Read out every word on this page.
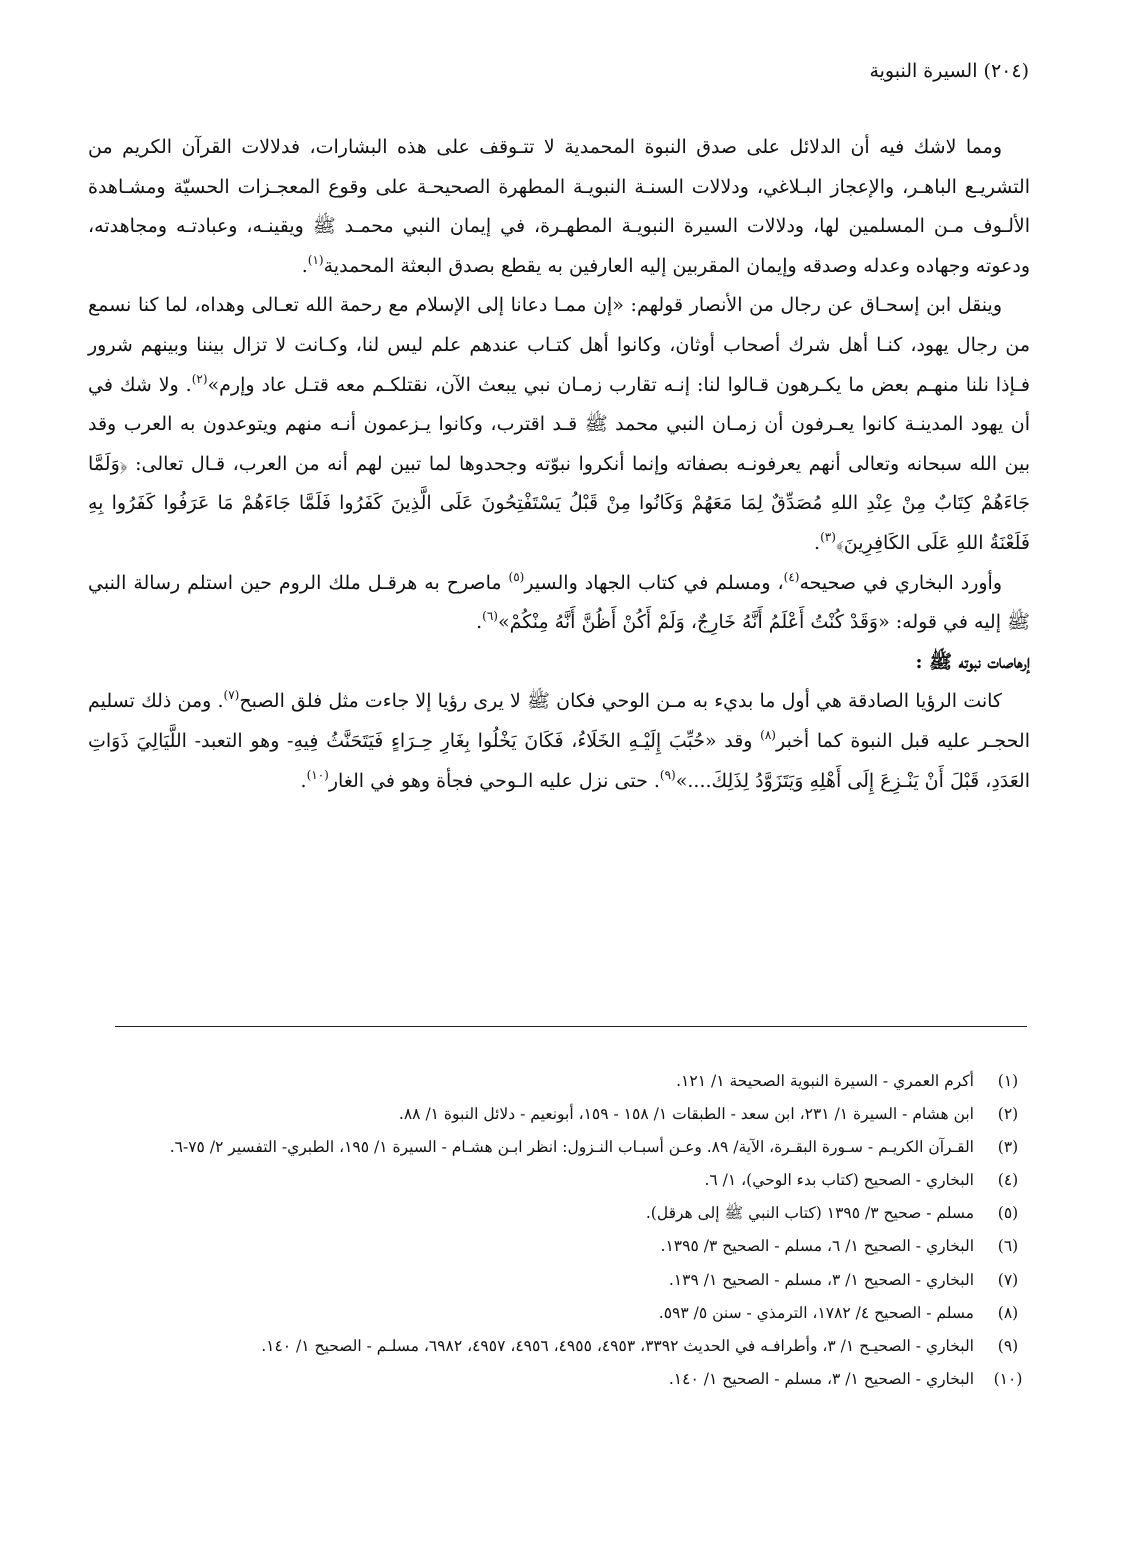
(٢٠٤) السيرة النبوية

ومما لاشك فيه أن الدلائل على صدق النبوة المحمدية لا تتـوقف على هذه البشارات، فدلالات القرآن الكريم من التشريـع الباهـر، والإعجاز البـلاغي، ودلالات السنـة النبويـة المطهرة الصحيحـة على وقوع المعجـزات الحسيّة ومشـاهدة الألـوف مـن المسلمين لها، ودلالات السيرة النبويـة المطهـرة، في إيمان النبي محمـد ﷺ ويقينـه، وعبادتـه ومجاهدته، ودعوته وجهاده وعدله وصدقه وإيمان المقربين إليه العارفين به يقطع بصدق البعثة المحمدية$^{(١)}$.

وينقل ابن إسحـاق عن رجال من الأنصار قولهم: «إن ممـا دعانا إلى الإسلام مع رحمة الله تعـالى وهداه، لما كنا نسمع من رجال يهود، كنـا أهل شرك أصحاب أوثان، وكانوا أهل كتـاب عندهم علم ليس لنا، وكـانت لا تزال بيننا وبينهم شرور فـإذا نلنا منهـم بعض ما يكـرهون قـالوا لنا: إنـه تقارب زمـان نبي يبعث الآن، نقتلكـم معه قتـل عاد وإرم»$^{(٢)}$. ولا شك في أن يهود المدينـة كانوا يعـرفون أن زمـان النبي محمد ﷺ قـد اقترب، وكانوا يـزعمون أنـه منهم ويتوعدون به العرب وقد بين الله سبحانه وتعالى أنهم يعرفونـه بصفاته وإنما أنكروا نبوّته وجحدوها لما تبين لهم أنه من العرب، قـال تعالى: ﴿وَلَمَّا جَاءَهُمْ كِتَابٌ مِنْ عِنْدِ اللهِ مُصَدِّقٌ لِمَا مَعَهُمْ وَكَانُوا مِنْ قَبْلُ يَسْتَفْتِحُونَ عَلَى الَّذِينَ كَفَرُوا فَلَمَّا جَاءَهُمْ مَا عَرَفُوا كَفَرُوا بِهِ فَلَعْنَةُ اللهِ عَلَى الكَافِرِينَ﴾$^{(٣)}$.

وأورد البخاري في صحيحه$^{(٤)}$، ومسلم في كتاب الجهاد والسير$^{(٥)}$ ماصرح به هرقـل ملك الروم حين استلم رسالة النبي ﷺ إليه في قوله: «وَقَدْ كُنْتُ أَعْلَمُ أَنَّهُ خَارِجٌ، وَلَمْ أَكُنْ أَظُنَّ أَنَّهُ مِنْكُمْ»$^{(٦)}$.

إرهاصات نبوته ﷺ :

كانت الرؤيا الصادقة هي أول ما بديء به مـن الوحي فكان ﷺ لا يرى رؤيا إلا جاءت مثل فلق الصبح$^{(٧)}$. ومن ذلك تسليم الحجـر عليه قبل النبوة كما أخبر$^{(٨)}$ وقد «حُبِّبَ إِلَيْـهِ الخَلَاءُ، فَكَانَ يَخْلُوا بِغَارِ حِـرَاءٍ فَيَتَحَنَّثُ فِيهِ- وهو التعبد- اللَّيَالِيَ ذَوَاتِ العَدَدِ، قَبْلَ أَنْ يَنْـزِعَ إِلَى أَهْلِهِ وَيَتَزَوَّدُ لِذَلِكَ....»$^{(٩)}$. حتى نزل عليه الـوحي فجأة وهو في الغار$^{(١٠)}$.

(١)
أكرم العمري - السيرة النبوية الصحيحة ١/ ١٢١.
(٢)
ابن هشام - السيرة ١/ ٢٣١، ابن سعد - الطبقات ١/ ١٥٨ - ١٥٩، أبونعيم - دلائل النبوة ١/ ٨٨.
(٣)
القـرآن الكريـم - سـورة البقـرة، الآية/ ٨٩. وعـن أسبـاب النـزول: انظر ابـن هشـام - السيرة ١/ ١٩٥، الطبري- التفسير ٢/ ٧٥-٦.
(٤)
البخاري - الصحيح (كتاب بدء الوحي)، ١/ ٦.
(٥)
مسلم - صحيح ٣/ ١٣٩٥ (كتاب النبي ﷺ إلى هرقل).
(٦)
البخاري - الصحيح ١/ ٦، مسلم - الصحيح ٣/ ١٣٩٥.
(٧)
البخاري - الصحيح ١/ ٣، مسلم - الصحيح ١/ ١٣٩.
(٨)
مسلم - الصحيح ٤/ ١٧٨٢، الترمذي - سنن ٥/ ٥٩٣.
(٩)
البخاري - الصحيـح ١/ ٣، وأطرافـه في الحديث ٣٣٩٢، ٤٩٥٣، ٤٩٥٥، ٤٩٥٦، ٤٩٥٧، ٦٩٨٢، مسلـم - الصحيح ١/ ١٤٠.
(١٠)
البخاري - الصحيح ١/ ٣، مسلم - الصحيح ١/ ١٤٠.
